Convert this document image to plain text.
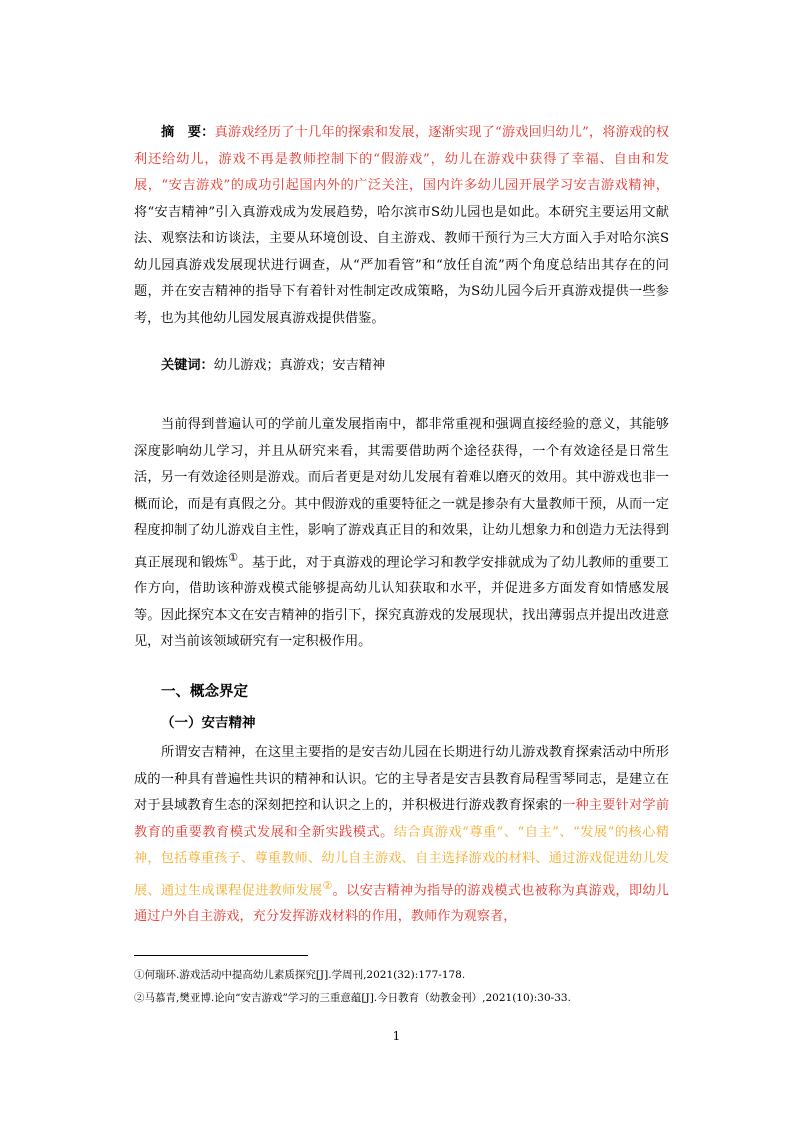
摘　要：真游戏经历了十几年的探索和发展，逐渐实现了“游戏回归幼儿”，将游戏的权利还给幼儿，游戏不再是教师控制下的“假游戏”，幼儿在游戏中获得了幸福、自由和发展，“安吉游戏”的成功引起国内外的广泛关注，国内许多幼儿园开展学习安吉游戏精神，将“安吉精神”引入真游戏成为发展趋势，哈尔滨市S幼儿园也是如此。本研究主要运用文献法、观察法和访谈法，主要从环境创设、自主游戏、教师干预行为三大方面入手对哈尔滨S幼儿园真游戏发展现状进行调查，从“严加看管”和“放任自流”两个角度总结出其存在的问题，并在安吉精神的指导下有着针对性制定改成策略，为S幼儿园今后开真游戏提供一些参考，也为其他幼儿园发展真游戏提供借鉴。

关键词：幼儿游戏；真游戏；安吉精神

当前得到普遍认可的学前儿童发展指南中，都非常重视和强调直接经验的意义，其能够深度影响幼儿学习，并且从研究来看，其需要借助两个途径获得，一个有效途径是日常生活，另一有效途径则是游戏。而后者更是对幼儿发展有着难以磨灭的效用。其中游戏也非一概而论，而是有真假之分。其中假游戏的重要特征之一就是掺杂有大量教师干预，从而一定程度抑制了幼儿游戏自主性，影响了游戏真正目的和效果，让幼儿想象力和创造力无法得到真正展现和锻炼①。基于此，对于真游戏的理论学习和教学安排就成为了幼儿教师的重要工作方向，借助该种游戏模式能够提高幼儿认知获取和水平，并促进多方面发育如情感发展等。因此探究本文在安吉精神的指引下，探究真游戏的发展现状，找出薄弱点并提出改进意见，对当前该领域研究有一定积极作用。

一、概念界定

（一）安吉精神

所谓安吉精神，在这里主要指的是安吉幼儿园在长期进行幼儿游戏教育探索活动中所形成的一种具有普遍性共识的精神和认识。它的主导者是安吉县教育局程雪琴同志，是建立在对于县域教育生态的深刻把控和认识之上的，并积极进行游戏教育探索的一种主要针对学前教育的重要教育模式发展和全新实践模式。结合真游戏“尊重”、“自主”、“发展”的核心精神，包括尊重孩子、尊重教师、幼儿自主游戏、自主选择游戏的材料、通过游戏促进幼儿发展、通过生成课程促进教师发展②。以安吉精神为指导的游戏模式也被称为真游戏，即幼儿通过户外自主游戏，充分发挥游戏材料的作用，教师作为观察者，

①何瑞环.游戏活动中提高幼儿素质探究[J].学周刊,2021(32):177-178.

②马慕青,樊亚博.论向“安吉游戏”学习的三重意蕴[J].今日教育（幼教金刊）,2021(10):30-33.

1
